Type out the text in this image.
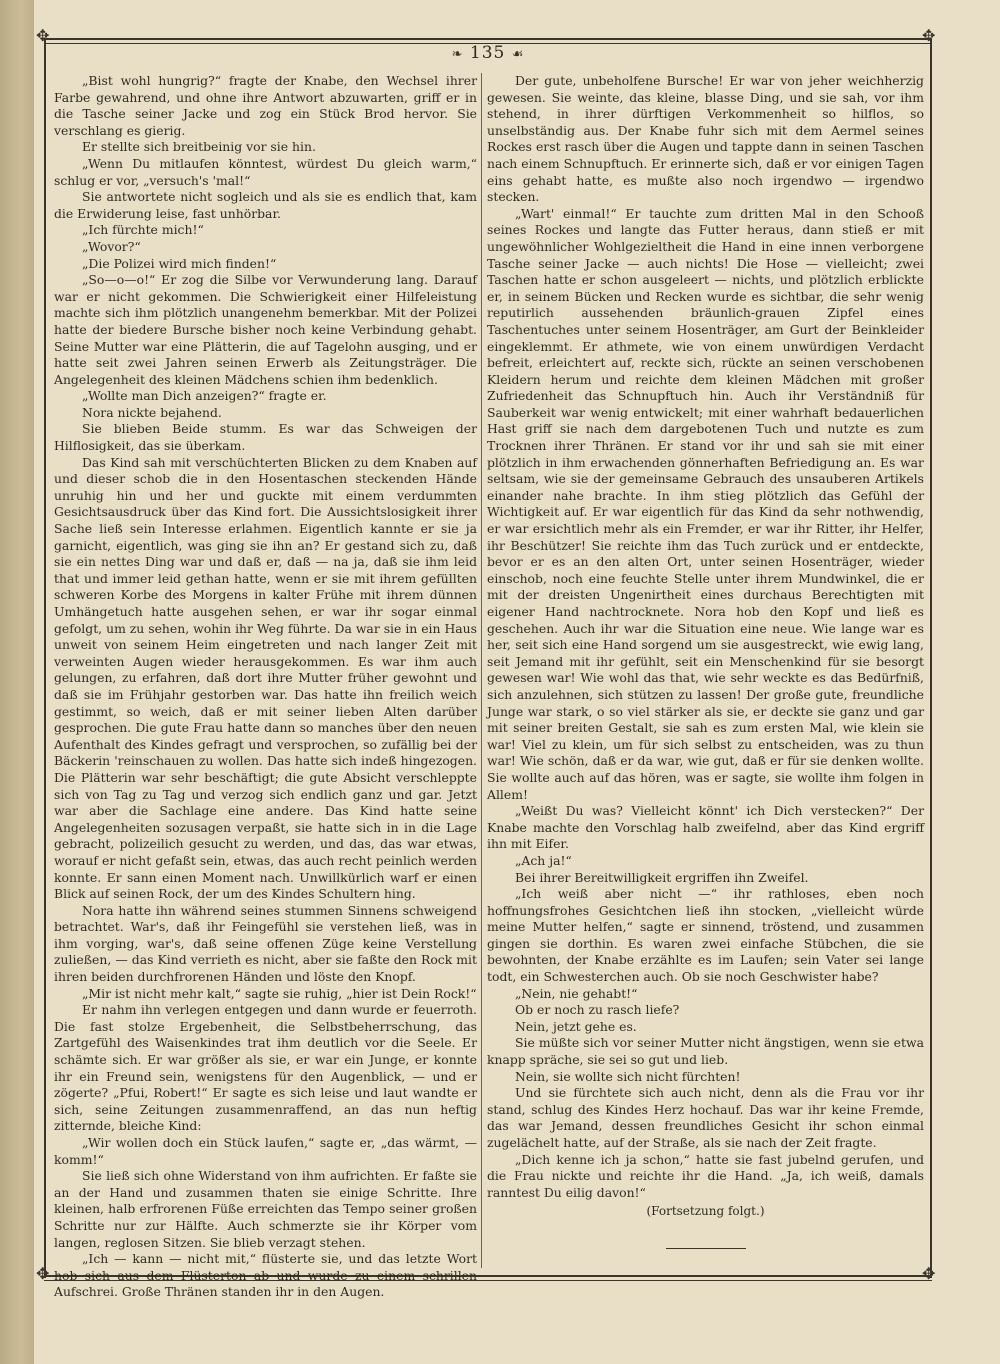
✥	✥
✥	✥
❧ 135 ☙

„Bist wohl hungrig?“ fragte der Knabe, den Wechsel ihrer Farbe gewahrend, und ohne ihre Antwort abzuwarten, griff er in die Tasche seiner Jacke und zog ein Stück Brod hervor. Sie verschlang es gierig.

Er stellte sich breitbeinig vor sie hin.

„Wenn Du mitlaufen könntest, würdest Du gleich warm,“ schlug er vor, „versuch's 'mal!“

Sie antwortete nicht sogleich und als sie es endlich that, kam die Erwiderung leise, fast unhörbar.

„Ich fürchte mich!“

„Wovor?“

„Die Polizei wird mich finden!“

„So—o—o!“ Er zog die Silbe vor Verwunderung lang. Darauf war er nicht gekommen. Die Schwierigkeit einer Hilfeleistung machte sich ihm plötzlich unangenehm bemerkbar. Mit der Polizei hatte der biedere Bursche bisher noch keine Verbindung gehabt. Seine Mutter war eine Plätterin, die auf Tagelohn ausging, und er hatte seit zwei Jahren seinen Erwerb als Zeitungsträger. Die Angelegenheit des kleinen Mädchens schien ihm bedenklich.

„Wollte man Dich anzeigen?“ fragte er.

Nora nickte bejahend.

Sie blieben Beide stumm. Es war das Schweigen der Hilflosigkeit, das sie überkam.

Das Kind sah mit verschüchterten Blicken zu dem Knaben auf und dieser schob die in den Hosentaschen steckenden Hände unruhig hin und her und guckte mit einem verdummten Gesichtsausdruck über das Kind fort. Die Aussichtslosigkeit ihrer Sache ließ sein Interesse erlahmen. Eigentlich kannte er sie ja garnicht, eigentlich, was ging sie ihn an? Er gestand sich zu, daß sie ein nettes Ding war und daß er, daß — na ja, daß sie ihm leid that und immer leid gethan hatte, wenn er sie mit ihrem gefüllten schweren Korbe des Morgens in kalter Frühe mit ihrem dünnen Umhängetuch hatte ausgehen sehen, er war ihr sogar einmal gefolgt, um zu sehen, wohin ihr Weg führte. Da war sie in ein Haus unweit von seinem Heim eingetreten und nach langer Zeit mit verweinten Augen wieder herausgekommen. Es war ihm auch gelungen, zu erfahren, daß dort ihre Mutter früher gewohnt und daß sie im Frühjahr gestorben war. Das hatte ihn freilich weich gestimmt, so weich, daß er mit seiner lieben Alten darüber gesprochen. Die gute Frau hatte dann so manches über den neuen Aufenthalt des Kindes gefragt und versprochen, so zufällig bei der Bäckerin 'reinschauen zu wollen. Das hatte sich indeß hingezogen. Die Plätterin war sehr beschäftigt; die gute Absicht verschleppte sich von Tag zu Tag und verzog sich endlich ganz und gar. Jetzt war aber die Sachlage eine andere. Das Kind hatte seine Angelegenheiten sozusagen verpaßt, sie hatte sich in in die Lage gebracht, polizeilich gesucht zu werden, und das, das war etwas, worauf er nicht gefaßt sein, etwas, das auch recht peinlich werden konnte. Er sann einen Moment nach. Unwillkürlich warf er einen Blick auf seinen Rock, der um des Kindes Schultern hing.

Nora hatte ihn während seines stummen Sinnens schweigend betrachtet. War's, daß ihr Feingefühl sie verstehen ließ, was in ihm vorging, war's, daß seine offenen Züge keine Verstellung zuließen, — das Kind verrieth es nicht, aber sie faßte den Rock mit ihren beiden durchfrorenen Händen und löste den Knopf.

„Mir ist nicht mehr kalt,“ sagte sie ruhig, „hier ist Dein Rock!“

Er nahm ihn verlegen entgegen und dann wurde er feuerroth. Die fast stolze Ergebenheit, die Selbstbeherrschung, das Zartgefühl des Waisenkindes trat ihm deutlich vor die Seele. Er schämte sich. Er war größer als sie, er war ein Junge, er konnte ihr ein Freund sein, wenigstens für den Augenblick, — und er zögerte? „Pfui, Robert!“ Er sagte es sich leise und laut wandte er sich, seine Zeitungen zusammenraffend, an das nun heftig zitternde, bleiche Kind:

„Wir wollen doch ein Stück laufen,“ sagte er, „das wärmt, — komm!“

Sie ließ sich ohne Widerstand von ihm aufrichten. Er faßte sie an der Hand und zusammen thaten sie einige Schritte. Ihre kleinen, halb erfrorenen Füße erreichten das Tempo seiner großen Schritte nur zur Hälfte. Auch schmerzte sie ihr Körper vom langen, reglosen Sitzen. Sie blieb verzagt stehen.

„Ich — kann — nicht mit,“ flüsterte sie, und das letzte Wort hob sich aus dem Flüsterton ab und wurde zu einem schrillen Aufschrei. Große Thränen standen ihr in den Augen.

Der gute, unbeholfene Bursche! Er war von jeher weichherzig gewesen. Sie weinte, das kleine, blasse Ding, und sie sah, vor ihm stehend, in ihrer dürftigen Verkommenheit so hilflos, so unselbständig aus. Der Knabe fuhr sich mit dem Aermel seines Rockes erst rasch über die Augen und tappte dann in seinen Taschen nach einem Schnupftuch. Er erinnerte sich, daß er vor einigen Tagen eins gehabt hatte, es mußte also noch irgendwo — irgendwo stecken.

„Wart' einmal!“ Er tauchte zum dritten Mal in den Schooß seines Rockes und langte das Futter heraus, dann stieß er mit ungewöhnlicher Wohlgezieltheit die Hand in eine innen verborgene Tasche seiner Jacke — auch nichts! Die Hose — vielleicht; zwei Taschen hatte er schon ausgeleert — nichts, und plötzlich erblickte er, in seinem Bücken und Recken wurde es sichtbar, die sehr wenig reputirlich aussehenden bräunlich-grauen Zipfel eines Taschentuches unter seinem Hosenträger, am Gurt der Beinkleider eingeklemmt. Er athmete, wie von einem unwürdigen Verdacht befreit, erleichtert auf, reckte sich, rückte an seinen verschobenen Kleidern herum und reichte dem kleinen Mädchen mit großer Zufriedenheit das Schnupftuch hin. Auch ihr Verständniß für Sauberkeit war wenig entwickelt; mit einer wahrhaft bedauerlichen Hast griff sie nach dem dargebotenen Tuch und nutzte es zum Trocknen ihrer Thränen. Er stand vor ihr und sah sie mit einer plötzlich in ihm erwachenden gönnerhaften Befriedigung an. Es war seltsam, wie sie der gemeinsame Gebrauch des unsauberen Artikels einander nahe brachte. In ihm stieg plötzlich das Gefühl der Wichtigkeit auf. Er war eigentlich für das Kind da sehr nothwendig, er war ersichtlich mehr als ein Fremder, er war ihr Ritter, ihr Helfer, ihr Beschützer! Sie reichte ihm das Tuch zurück und er entdeckte, bevor er es an den alten Ort, unter seinen Hosenträger, wieder einschob, noch eine feuchte Stelle unter ihrem Mundwinkel, die er mit der dreisten Ungenirtheit eines durchaus Berechtigten mit eigener Hand nachtrocknete. Nora hob den Kopf und ließ es geschehen. Auch ihr war die Situation eine neue. Wie lange war es her, seit sich eine Hand sorgend um sie ausgestreckt, wie ewig lang, seit Jemand mit ihr gefühlt, seit ein Menschenkind für sie besorgt gewesen war! Wie wohl das that, wie sehr weckte es das Bedürfniß, sich anzulehnen, sich stützen zu lassen! Der große gute, freundliche Junge war stark, o so viel stärker als sie, er deckte sie ganz und gar mit seiner breiten Gestalt, sie sah es zum ersten Mal, wie klein sie war! Viel zu klein, um für sich selbst zu entscheiden, was zu thun war! Wie schön, daß er da war, wie gut, daß er für sie denken wollte. Sie wollte auch auf das hören, was er sagte, sie wollte ihm folgen in Allem!

„Weißt Du was? Vielleicht könnt' ich Dich verstecken?“ Der Knabe machte den Vorschlag halb zweifelnd, aber das Kind ergriff ihn mit Eifer.

„Ach ja!“

Bei ihrer Bereitwilligkeit ergriffen ihn Zweifel.

„Ich weiß aber nicht —“ ihr rathloses, eben noch hoffnungsfrohes Gesichtchen ließ ihn stocken, „vielleicht würde meine Mutter helfen,“ sagte er sinnend, tröstend, und zusammen gingen sie dorthin. Es waren zwei einfache Stübchen, die sie bewohnten, der Knabe erzählte es im Laufen; sein Vater sei lange todt, ein Schwesterchen auch. Ob sie noch Geschwister habe?

„Nein, nie gehabt!“

Ob er noch zu rasch liefe?

Nein, jetzt gehe es.

Sie müßte sich vor seiner Mutter nicht ängstigen, wenn sie etwa knapp spräche, sie sei so gut und lieb.

Nein, sie wollte sich nicht fürchten!

Und sie fürchtete sich auch nicht, denn als die Frau vor ihr stand, schlug des Kindes Herz hochauf. Das war ihr keine Fremde, das war Jemand, dessen freundliches Gesicht ihr schon einmal zugelächelt hatte, auf der Straße, als sie nach der Zeit fragte.

„Dich kenne ich ja schon,“ hatte sie fast jubelnd gerufen, und die Frau nickte und reichte ihr die Hand. „Ja, ich weiß, damals ranntest Du eilig davon!“

(Fortsetzung folgt.)
